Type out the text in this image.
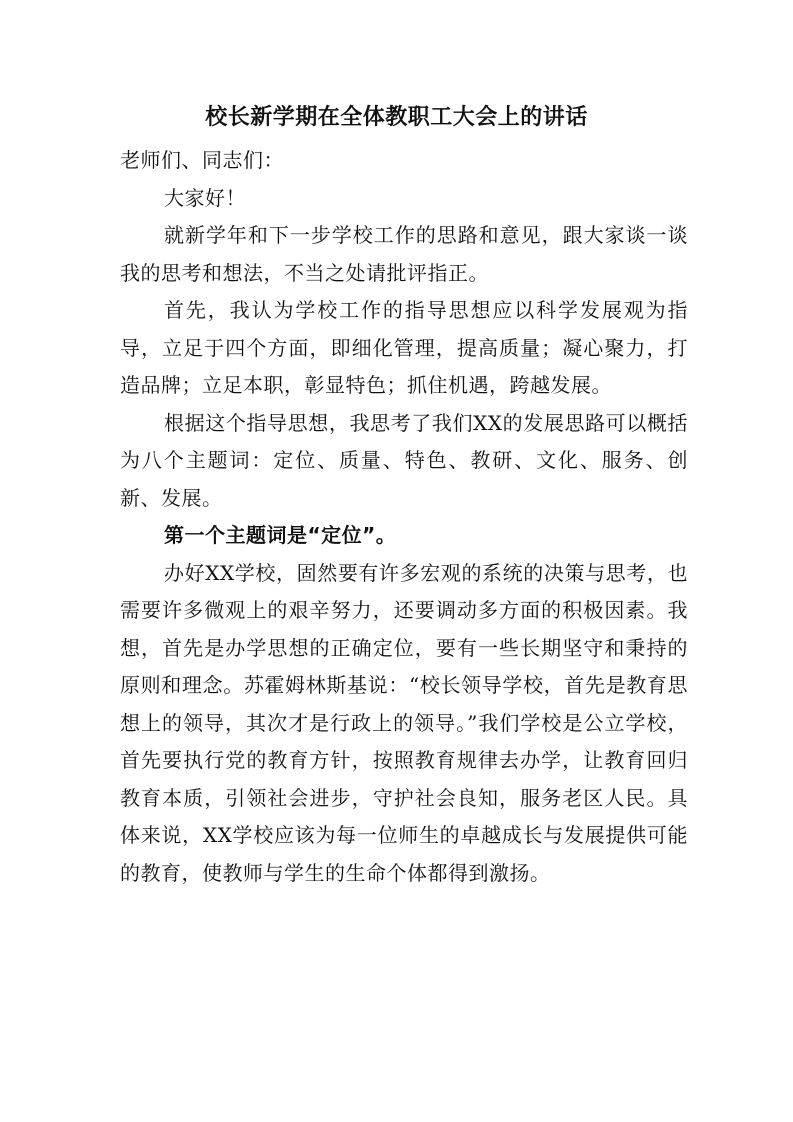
校长新学期在全体教职工大会上的讲话

老师们、同志们：

大家好！

就新学年和下一步学校工作的思路和意见，跟大家谈一谈我的思考和想法，不当之处请批评指正。

首先，我认为学校工作的指导思想应以科学发展观为指导，立足于四个方面，即细化管理，提高质量；凝心聚力，打造品牌；立足本职，彰显特色；抓住机遇，跨越发展。

根据这个指导思想，我思考了我们XX的发展思路可以概括为八个主题词：定位、质量、特色、教研、文化、服务、创新、发展。

第一个主题词是“定位”。

办好XX学校，固然要有许多宏观的系统的决策与思考，也需要许多微观上的艰辛努力，还要调动多方面的积极因素。我想，首先是办学思想的正确定位，要有一些长期坚守和秉持的原则和理念。苏霍姆林斯基说：“校长领导学校，首先是教育思想上的领导，其次才是行政上的领导。”我们学校是公立学校，首先要执行党的教育方针，按照教育规律去办学，让教育回归教育本质，引领社会进步，守护社会良知，服务老区人民。具体来说，XX学校应该为每一位师生的卓越成长与发展提供可能的教育，使教师与学生的生命个体都得到激扬。
